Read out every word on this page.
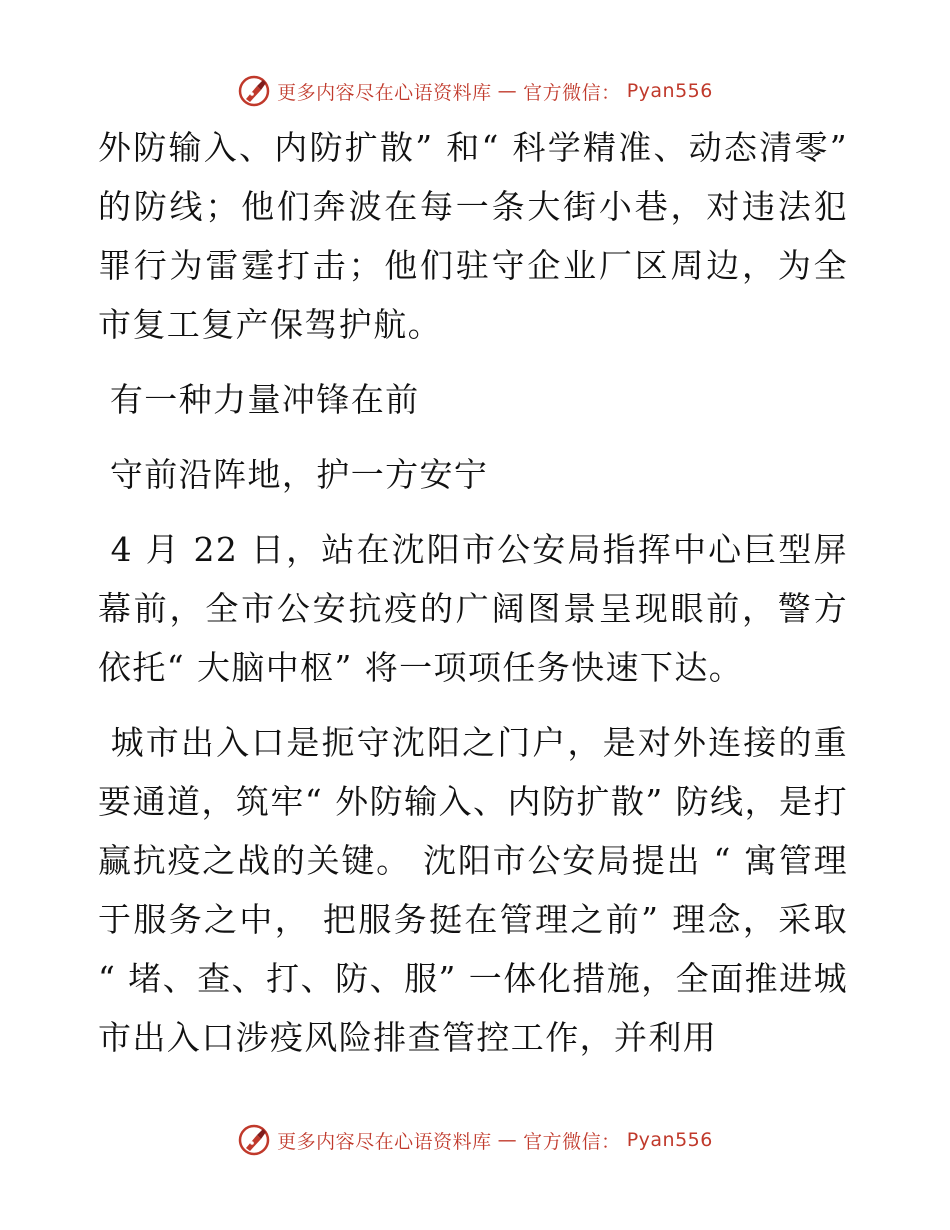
更多内容尽在心语资料库 — 官方微信： Pyan556

外防输入、内防扩散” 和“ 科学精准、动态清零” 的防线；他们奔波在每一条大街小巷，对违法犯罪行为雷霆打击；他们驻守企业厂区周边，为全市复工复产保驾护航。

有一种力量冲锋在前

守前沿阵地，护一方安宁

4 月 22 日，站在沈阳市公安局指挥中心巨型屏幕前，全市公安抗疫的广阔图景呈现眼前，警方依托“ 大脑中枢” 将一项项任务快速下达。

城市出入口是扼守沈阳之门户，是对外连接的重要通道，筑牢“ 外防输入、内防扩散” 防线，是打赢抗疫之战的关键。 沈阳市公安局提出 “ 寓管理于服务之中， 把服务挺在管理之前” 理念，采取 “ 堵、查、打、防、服” 一体化措施，全面推进城市出入口涉疫风险排查管控工作，并利用

更多内容尽在心语资料库 — 官方微信： Pyan556
